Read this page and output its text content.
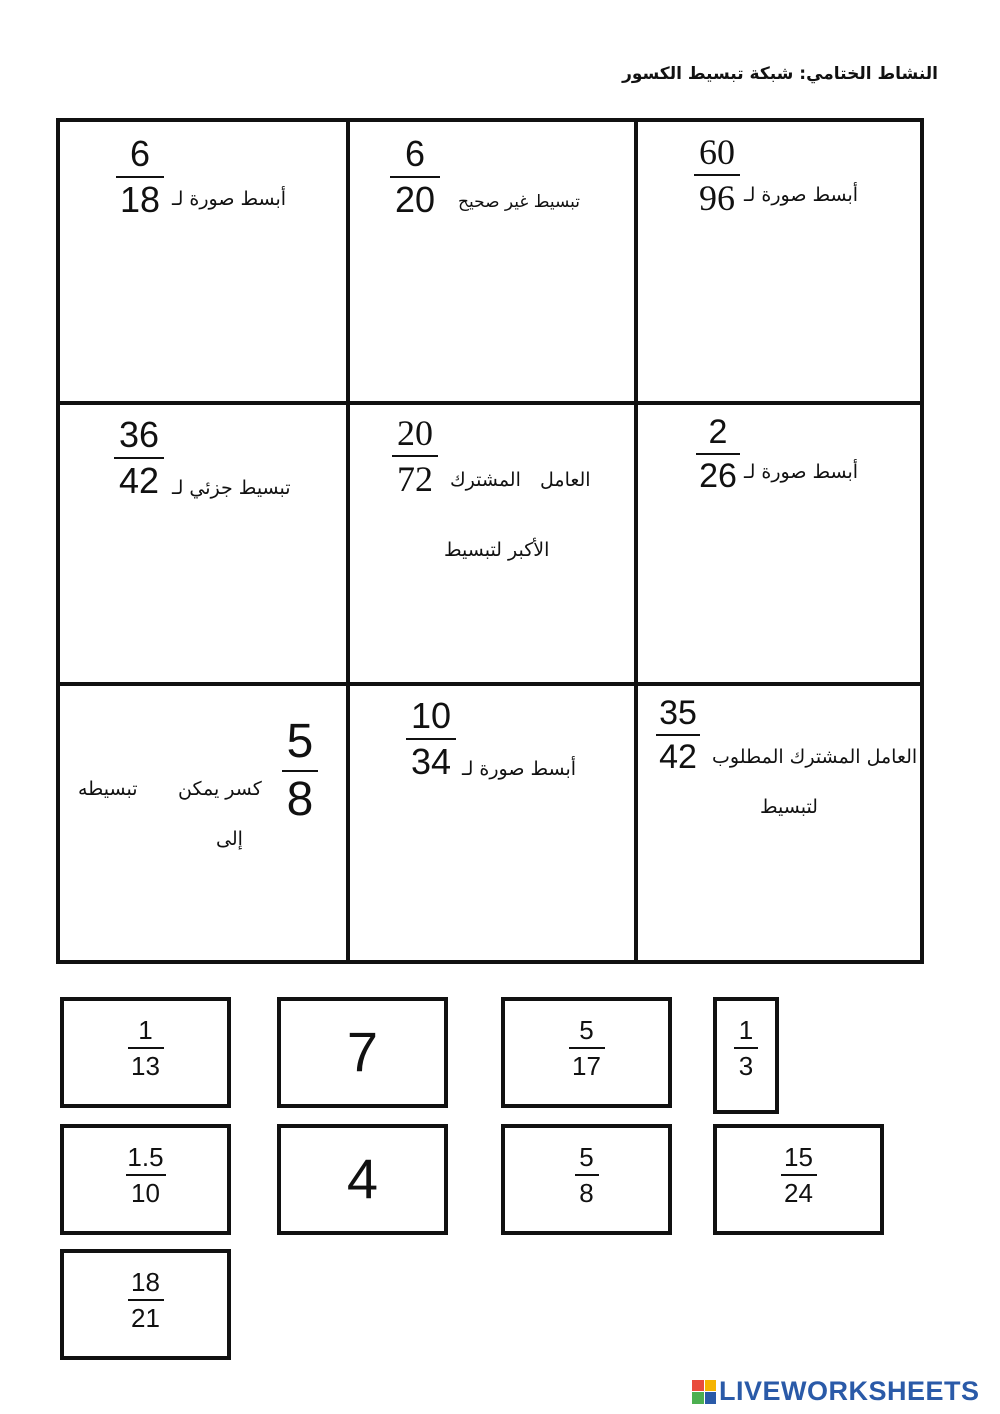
النشاط الختامي: شبكة تبسيط الكسور
6
18 أبسط صورة لـ
6
20 تبسيط غير صحيح
60
96 أبسط صورة لـ
36
42 تبسيط جزئي لـ
20
72 المشترك العامل
الأكبر لتبسيط
2
26 أبسط صورة لـ
5
8
كسر يمكن
تبسيطه
إلى
10
34 أبسط صورة لـ
35
42 العامل المشترك المطلوب
لتبسيط
1
13	7	5
17
1
3
1.5
10	4	5
8
15
24
18
21
LIVEWORKSHEETS
